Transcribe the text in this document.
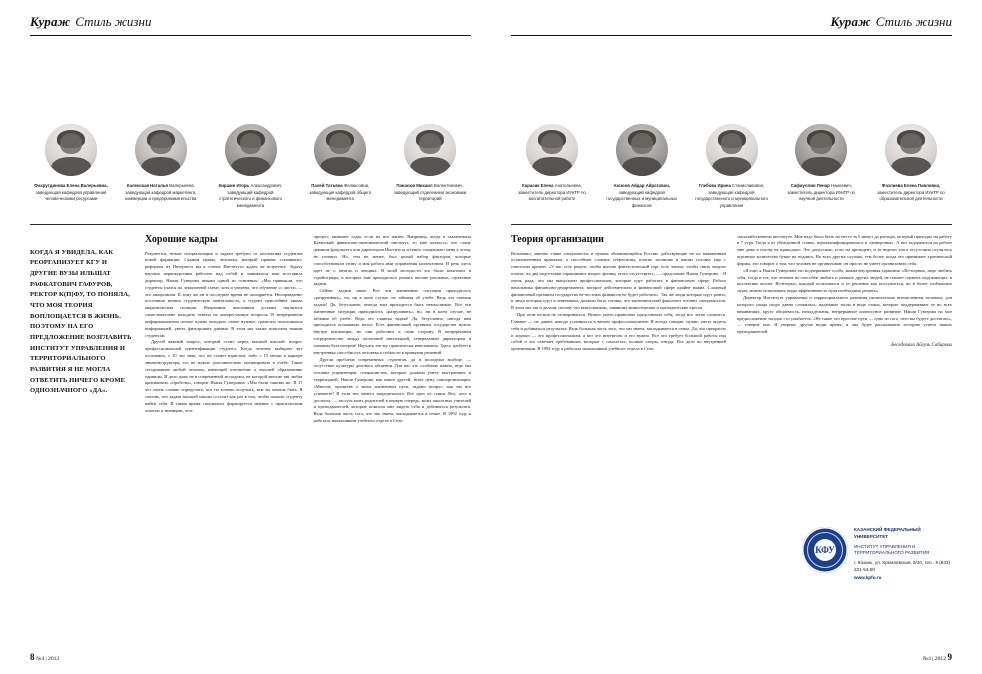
Кураж Стиль жизни
Фахрутдинова Елена Валерьевна, заведующая кафедрой управления человеческими ресурсами
Каленская Наталья Валерьевна, заведующая кафедрой маркетинга, коммерции и предпринимательства
Киршин Игорь Александрович, заведующий кафедрой стратегического и финансового менеджмента
Палей Татьяна Феликсовна, заведующая кафедрой общего менеджмента
Панасюк Михаил Валентинович, заведующий отделением экономики территорий
КОГДА Я УВИДЕЛА, КАК РЕОРГАНИЗУЕТ КГУ И ДРУГИЕ ВУЗЫ ИЛЬШАТ РАФКАТОВИЧ ГАФУРОВ, РЕКТОР К(П)ФУ, ТО ПОНЯЛА, ЧТО МОЯ ТЕОРИЯ ВОПЛОЩАЕТСЯ В ЖИЗНЬ. ПОЭТОМУ НА ЕГО ПРЕДЛОЖЕНИЕ ВОЗГЛАВИТЬ ИНСТИТУТ УПРАВЛЕНИЯ И ТЕРРИТОРИАЛЬНОГО РАЗВИТИЯ Я НЕ МОГЛА ОТВЕТИТЬ НИЧЕГО КРОМЕ ОДНОЗНАЧНОГО «ДА».
Хорошие кадры

Разумеется, новые специализации и задачи требуют от коллектива студентов новой формации. Скажем прямо, человека, который привык «скачивать» рефераты из Интернета вы в стенах Института ждать не встретите. Задачу научить первокурсника работать над собой и заниматься ими поставила директор, Наиля Гумерова иными одной из основных: «Мы привыкли, что студенты учатся по лекционной схеме, хотя я уверена, что обучение «с листа» — это анахронизм. К тому же он в последнее время не поощряется. Неоправданно постоянно менять студенческую ментальность, а студент пристойнит такова академическая позиция. Вчерашние школьники должны научиться самостоятельно находить ответы на интересующие вопросы. В непрерывном информационном потоке нужно находить самое нужное, грамотно пользоваться информацией, уметь фильтровать данные. В этом мы также помогаем нашим студентам.

Другой важный вопрос, который стоит перед высшей школой: вопрос профессиональной идентификации студента. Когда человек выбирает вуз осознанно, с 10 лет зная, что он станет юристом, либо с 15 метки в карьере авиаконструктора, его не нужно дополнительно мотивировать в учебе. Такие сегодняшние любой человек, имеющий отношение к высшей образованию единицы. И дело даже не в современной молодежи, не которой многие так любят критиковать «пробелы», говорит Наиля Гумеровна: «Мы были такими же. В 17 лет очень сложно определить, что ты хочешь получить, кем ты хочешь быть. Я считаю, что задача высшей школы состоит как раз в том, чтобы помочь студенту найти себя. В таком время специалист формируется именно с практическим опытом и знаниями, этот

процесс занимает годы, если их все жизнь. Например, когда я заканчивала Казанский финансово-экономический институт, то мне казалось, что стану деканом факультета или директором Института и никто специально меня к этому не готовил. Но, тем не менее, был целый набор факторов, которые способствовали этому и моя работа ими управления коллективом. И речь здесь идет не о книгах и лекциях. В моей молодости это были комсомол и стройотряды, в которых нам приходилось решать вполне реальные, серьезные задачи.

Сейчас задачи иные. Все эти жизненные ситуации приходилось «разруливать», но, ни в коем случае, не забывая об учебе. Ведь это главная задача! Да, безусловно, иногда нам приходится быть немыслимые. Все эти жизненные ситуации приходилось «разруливать», но, ни в коем случае, не забывая об учебе. Ведь это главная задача! Да, безусловно, иногда нам приходится оплачивать налог. Есть финансовый организм государства нужно внутри инспекции, но они работают в свою сторону. В непрерывном сотрудничестве между налоговой инспекцией, генеральным директором и главным бухгалтером! Научить это-му практически невозможно. Здесь требуется внутренняя способность человека к гибкости в принятии решений.

Другая проблема современных студентов, да и молодежи вообще, — отсутствие культуры делового общения. Для нас это особенно важно, ведь мы готовим управленцев, специалистов, которые должны уметь выстраивать и территорией. Наиля Гумерова, как никто другой, знает цену самоорганизации. «Многие, прочитав о моем жизненном пути, задают вопрос: как вы все успеваете? В этом нет ничего запредельного. Все идет из семьи. Все, чего я достигла, — заслуга моих родителей в первую очередь, моих школьных учителей и преподавателей, которые помогли мне видеть себя и добиваться результата. Ведь большая часть того, что мы знаем, закладывается в семье. В 1992 году я работала начальником учебного отдела в Сель-

8 №4 | 2012
Кураж Стиль жизни
Карасик Елена Анатольевна, заместитель директора ИУиТР по воспитательной работе
Аксюов Айдар Айратович, заведующий кафедрой государственных и муниципальных финансов
Глебова Ирина Станиславовна, заведующая кафедрой государственного и муниципального управления
Сафиуллин Ленар Наилевич, заместитель директора ИУиТР по научной деятельности
Фазлиева Елена Павловна, заместитель директора ИУиТР по образовательной деятельности
Теория организации

Возможно, именно такие специалисты и нужны обновляющейся России: действующие не по навязанным установленным правилам, а способные сломить стереотипы, плотно засевшие в наших головах еще с советских времен. «У нас есть рецепт, чтобы высечь фантастический торг есть лекала, чтобы снять модное платье, на два подготовки спрашивают вопрос физику этого отсутствует», — продолжает Наиля Гумерова. - Я очень рада, что мы выпускаем профессионалов, которые идут работать в финансовую сферу. Работа начальника финансово-департамента, которое действительно в финансовой сфере крайне важна. Сложный финансовый организм государства не-честных финансов не будет работать». Так же люди которые идут ровно, и люди которые идут в чиновники, должны быть готовы, что экономический факультет готовит специалистов. В этом мы так и делали, потому что выпускникам, занявших министерские и президентские кресла.

При этом нельзя не оговориваться. Нужно уметь правильно представлять себя, тогда все легко сложится. Главное — не давать повода усомниться в вашем профессионализме. Я всегда говорю: нужно уметь видеть себя и добиваться результата. Ведь большая часть того, что мы знаем, закладывается в семье. Да, это прекрасно и хорошо — это профессионализм, а вот это интересно и это нужно. Все это требует большой работы над собой и это отвечает требованиям, которые с самолетах, полные опоры, откуда. Все дело во внутренней организации. В 1992 году я работала начальником учебного отдела в Сель-

скохозяйственном институте. Мне надо было быть на месте за 5 минут до ректора, который приходил на работу в 7 утра. Тогда я из убежденной «совы» переквалифицировалась в «жаворонка». А вот задержаться на работе мне даже в голову не приходило. Это допустимо, если ты президент, и за неделю этого отсутствия случилось огромное количество бумаг на подпись. Во всех других случаях, тем более, когда это принимает хронической формы, это говорит о том, что человек не организован: он просто не умеет организовать себя.

«Я еще, я Наиля Гумеровна это подчеркивает особо, важна внутренняя гармония. «Во-первых, надо любить себя, тогда и тот, что человек не способен любить и уважать других людей, не сможет оценить окружающих, в коллективе коллег. Во-вторых, каждый пользовался и от решения как поступиться, но в более глобальных задач, можно испытывать виды эффективность нуля необходимо решать».

Директор Института управления и территориального развития окончательно впечатлением человека, для которого улица скоро давно сложилась: надежные тылы в виде семьи, которые поддерживают ее во всех начинаниях, круто общаемость, неподдельная, непрерывное личностное развитие. Наиля Гумерова на мое предположение загадок сто улыбается: «Не такие это простые пути — одно из того, чего вы будете достигать», — говорит она. Я уверена, другие видят время, и она будет рассказывать историю успеха наших преподавателей.

Беседовала Айгуль Сабирова
КФУ
КАЗАНСКИЙ ФЕДЕРАЛЬНЫЙ УНИВЕРСИТЕТ
ИНСТИТУТ УПРАВЛЕНИЯ И ТЕРРИТОРИАЛЬНОГО РАЗВИТИЯ
г. Казань, ул. Кремлевская, 6/20, тел.: 8 (843) 231-54-50
www.kpfu.ru
№4 | 2012 9
